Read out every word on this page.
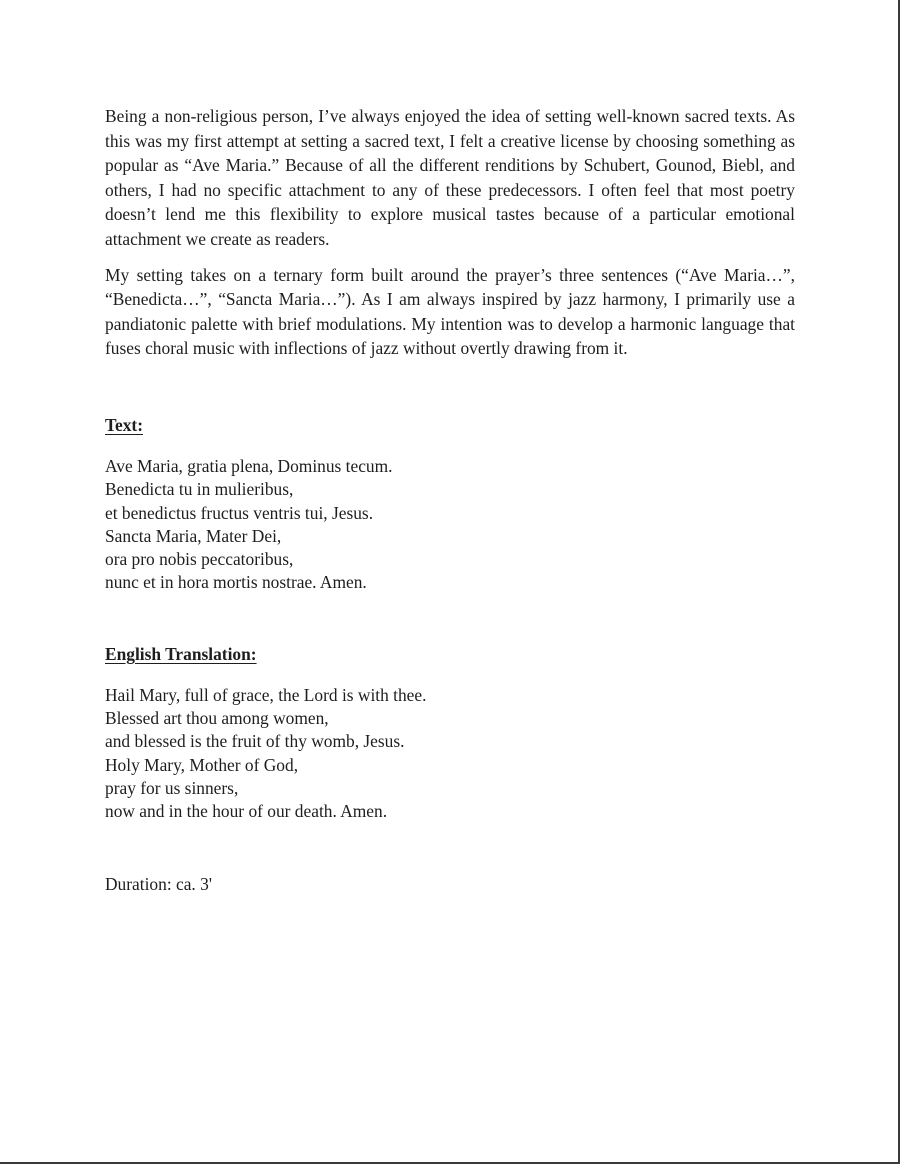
Being a non-religious person, I’ve always enjoyed the idea of setting well-known sacred texts. As this was my first attempt at setting a sacred text, I felt a creative license by choosing something as popular as “Ave Maria.” Because of all the different renditions by Schubert, Gounod, Biebl, and others, I had no specific attachment to any of these predecessors. I often feel that most poetry doesn’t lend me this flexibility to explore musical tastes because of a particular emotional attachment we create as readers.

My setting takes on a ternary form built around the prayer’s three sentences (“Ave Maria…”, “Benedicta…”, “Sancta Maria…”). As I am always inspired by jazz harmony, I primarily use a pandiatonic palette with brief modulations. My intention was to develop a harmonic language that fuses choral music with inflections of jazz without overtly drawing from it.

Text:
Ave Maria, gratia plena, Dominus tecum.
Benedicta tu in mulieribus,
et benedictus fructus ventris tui, Jesus.
Sancta Maria, Mater Dei,
ora pro nobis peccatoribus,
nunc et in hora mortis nostrae. Amen.
English Translation:
Hail Mary, full of grace, the Lord is with thee.
Blessed art thou among women,
and blessed is the fruit of thy womb, Jesus.
Holy Mary, Mother of God,
pray for us sinners,
now and in the hour of our death. Amen.

Duration: ca. 3'
